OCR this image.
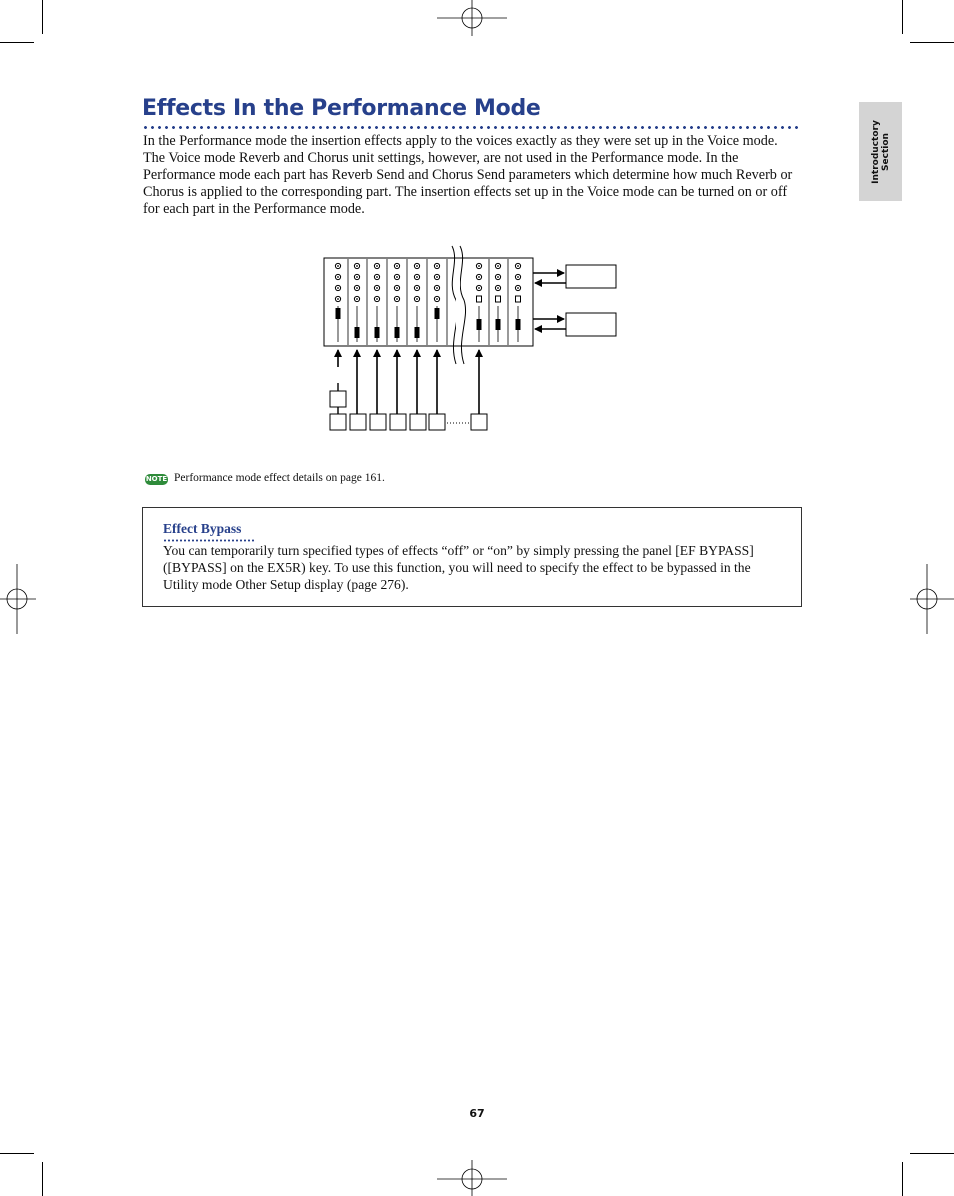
Introductory Section
Effects In the Performance Mode

In the Performance mode the insertion effects apply to the voices exactly as they were set up in the Voice mode. The Voice mode Reverb and Chorus unit settings, however, are not used in the Performance mode. In the Performance mode each part has Reverb Send and Chorus Send parameters which determine how much Reverb or Chorus is applied to the corresponding part. The insertion effects set up in the Voice mode can be turned on or off for each part in the Performance mode.

NOTE Performance mode effect details on page 161.
Effect Bypass

You can temporarily turn specified types of effects “off” or “on” by simply pressing the panel [EF BYPASS] ([BYPASS] on the EX5R) key. To use this function, you will need to specify the effect to be bypassed in the Utility mode Other Setup display (page 276).

67
